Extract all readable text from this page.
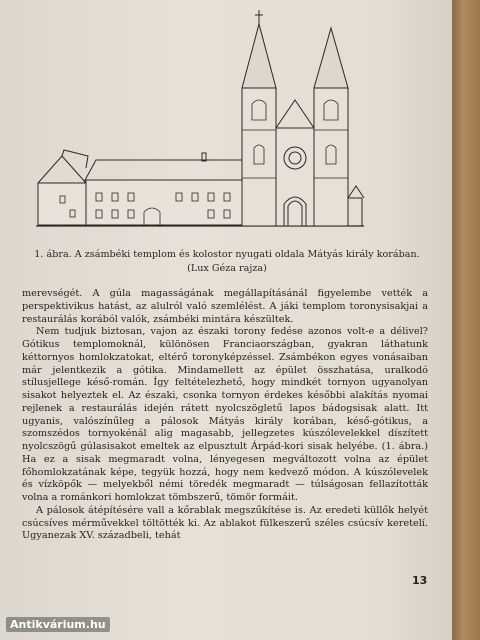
1. ábra. A zsámbéki templom és kolostor nyugati oldala Mátyás király korában. (Lux Géza rajza)

merevségét. A gúla magasságának megállapításánál figyelembe vették a perspektivikus hatást, az alulról való szemlélést. A jáki templom toronysisakjai a restaurálás korából valók, zsámbéki mintára készültek.

Nem tudjuk biztosan, vajon az északi torony fedése azonos volt-e a délivel? Gótikus templomoknál, különösen Franciaországban, gyakran láthatunk kéttornyos homlokzatokat, eltérő toronyképzéssel. Zsámbékon egyes vonásaiban már jelentkezik a gótika. Mindamellett az épület összhatása, uralkodó stílusjellege késő-román. Így feltételezhető, hogy mindkét tornyon ugyanolyan sisakot helyeztek el. Az északi, csonka tornyon érdekes későbbi alakítás nyomai rejlenek a restaurálás idején rátett nyolcszögletű lapos bádogsisak alatt. Itt ugyanis, valószínűleg a pálosok Mátyás király korában, késő-gótikus, a szomszédos tornyokénál alig magasabb, jellegzetes kúszólevelekkel díszített nyolcszögű gúlasisakot emeltek az elpusztult Árpád-kori sisak helyébe. (1. ábra.) Ha ez a sisak megmaradt volna, lényegesen megváltozott volna az épület főhomlokzatának képe, tegyük hozzá, hogy nem kedvező módon. A kúszólevelek és vízköpők — melyekből némi töredék megmaradt — túlságosan fellazították volna a románkori homlokzat tömbszerű, tömör formáit.

A pálosok átépítésére vall a kőrablak megszűkítése is. Az eredeti küllők helyét csúcsíves mérművekkel töltötték ki. Az ablakot fülkeszerű széles csúcsív keretelí. Ugyanezak XV. századbeli, tehát

13
Antikvárium.hu
